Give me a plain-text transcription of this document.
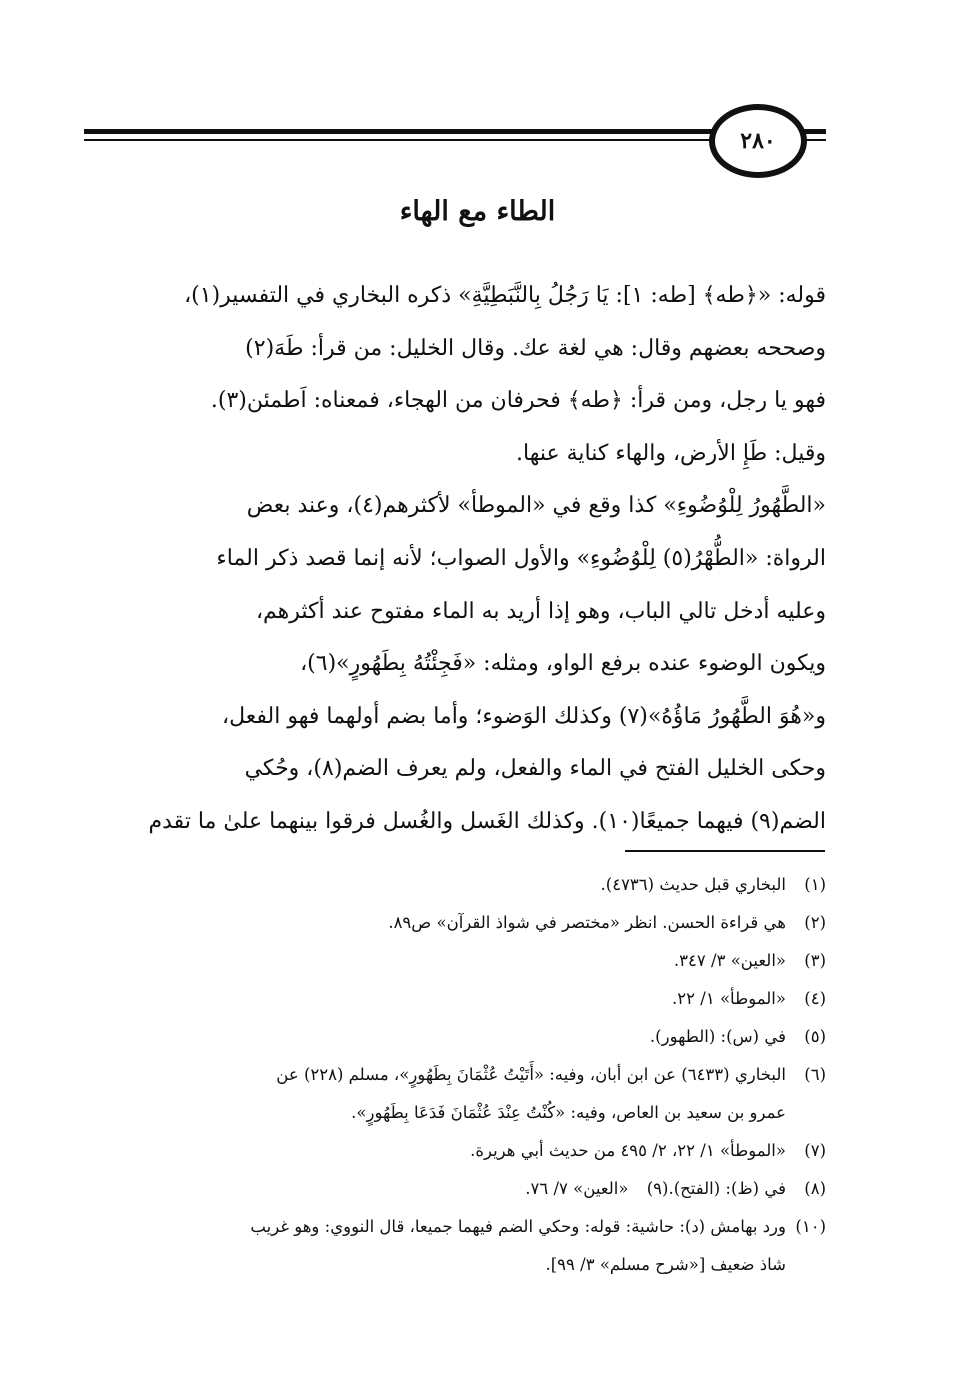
٢٨٠
الطاء مع الهاء
قوله: «﴿طه﴾ [طه: ١]: يَا رَجُلُ بِالنَّبَطِيَّةِ» ذكره البخاري في التفسير(١)،
وصححه بعضهم وقال: هي لغة عك. وقال الخليل: من قرأ: طَهَ(٢)
فهو يا رجل، ومن قرأ: ﴿طه﴾ فحرفان من الهجاء، فمعناه: اَطمئن(٣).
وقيل: طَإِ الأرض، والهاء كناية عنها.
«الطَّهُورُ لِلْوُضُوءِ» كذا وقع في «الموطأ» لأكثرهم(٤)، وعند بعض
الرواة: «الطُّهْرُ(٥) لِلْوُضُوءِ» والأول الصواب؛ لأنه إنما قصد ذكر الماء
وعليه أدخل تالي الباب، وهو إذا أريد به الماء مفتوح عند أكثرهم،
ويكون الوضوء عنده برفع الواو، ومثله: «فَجِئْتُهُ بِطَهُورٍ»(٦)،
و«هُوَ الطَّهُورُ مَاؤُهُ»(٧) وكذلك الوَضوء؛ وأما بضم أولهما فهو الفعل،
وحكى الخليل الفتح في الماء والفعل، ولم يعرف الضم(٨)، وحُكي
الضم(٩) فيهما جميعًا(١٠). وكذلك الغَسل والغُسل فرقوا بينهما علىٰ ما تقدم
(١)
البخاري قبل حديث (٤٧٣٦).
(٢)
هي قراءة الحسن. انظر «مختصر في شواذ القرآن» ص٨٩.
(٣)
«العين» ٣/ ٣٤٧.
(٤)
«الموطأ» ١/ ٢٢.
(٥)
في (س): (الطهور).
(٦)
البخاري (٦٤٣٣) عن ابن أبان، وفيه: «أَتَيْتُ عُثْمَانَ بِطَهُورٍ»، مسلم (٢٢٨) عن
عمرو بن سعيد بن العاص، وفيه: «كُنْتُ عِنْدَ عُثْمَانَ فَدَعَا بِطَهُورٍ».
(٧)
«الموطأ» ١/ ٢٢، ٢/ ٤٩٥ من حديث أبي هريرة.
(٨)
في (ظ): (الفتح).
(٩)
«العين» ٧/ ٧٦.
(١٠)
ورد بهامش (د): حاشية: قوله: وحكي الضم فيهما جميعا، قال النووي: وهو غريب
شاذ ضعيف [«شرح مسلم» ٣/ ٩٩].
